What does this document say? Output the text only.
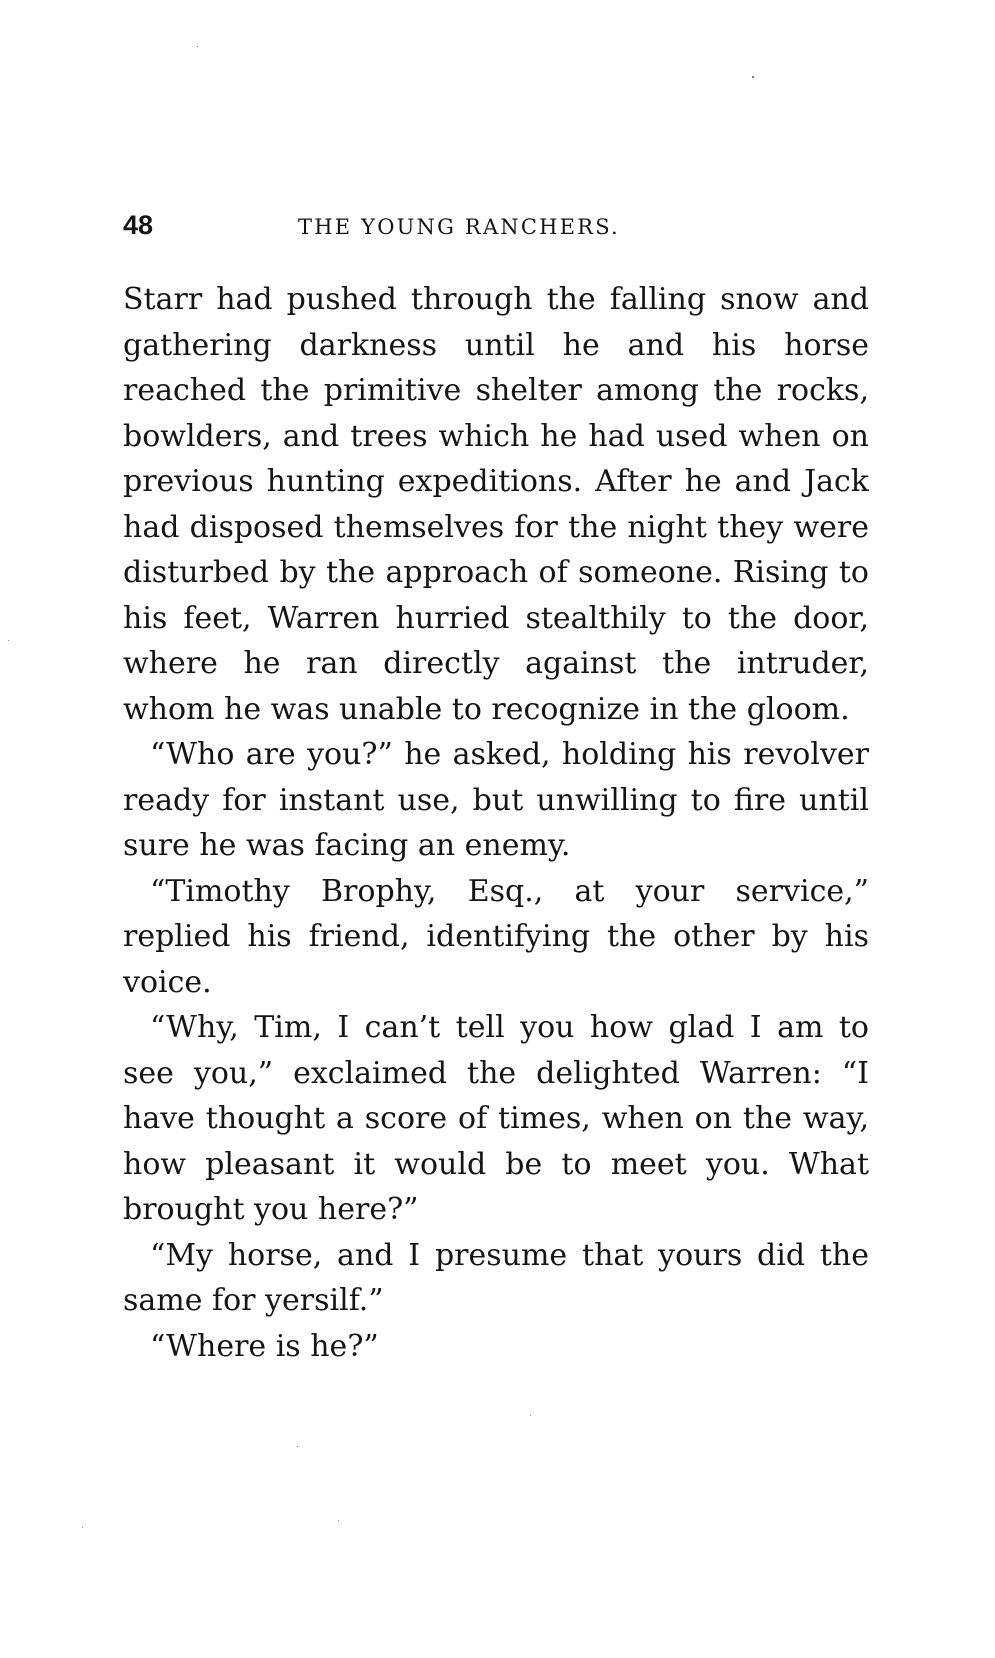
48	THE YOUNG RANCHERS.

Starr had pushed through the falling snow and gathering darkness until he and his horse reached the primitive shelter among the rocks, bowlders, and trees which he had used when on previous hunting expeditions. After he and Jack had disposed themselves for the night they were disturbed by the approach of someone. Rising to his feet, Warren hurried stealthily to the door, where he ran directly against the intruder, whom he was unable to recognize in the gloom.

“Who are you?” he asked, holding his revolver ready for instant use, but unwilling to fire until sure he was facing an enemy.

“Timothy Brophy, Esq., at your service,” replied his friend, identifying the other by his voice.

“Why, Tim, I can’t tell you how glad I am to see you,” exclaimed the delighted Warren: “I have thought a score of times, when on the way, how pleasant it would be to meet you. What brought you here?”

“My horse, and I presume that yours did the same for yersilf.”

“Where is he?”
